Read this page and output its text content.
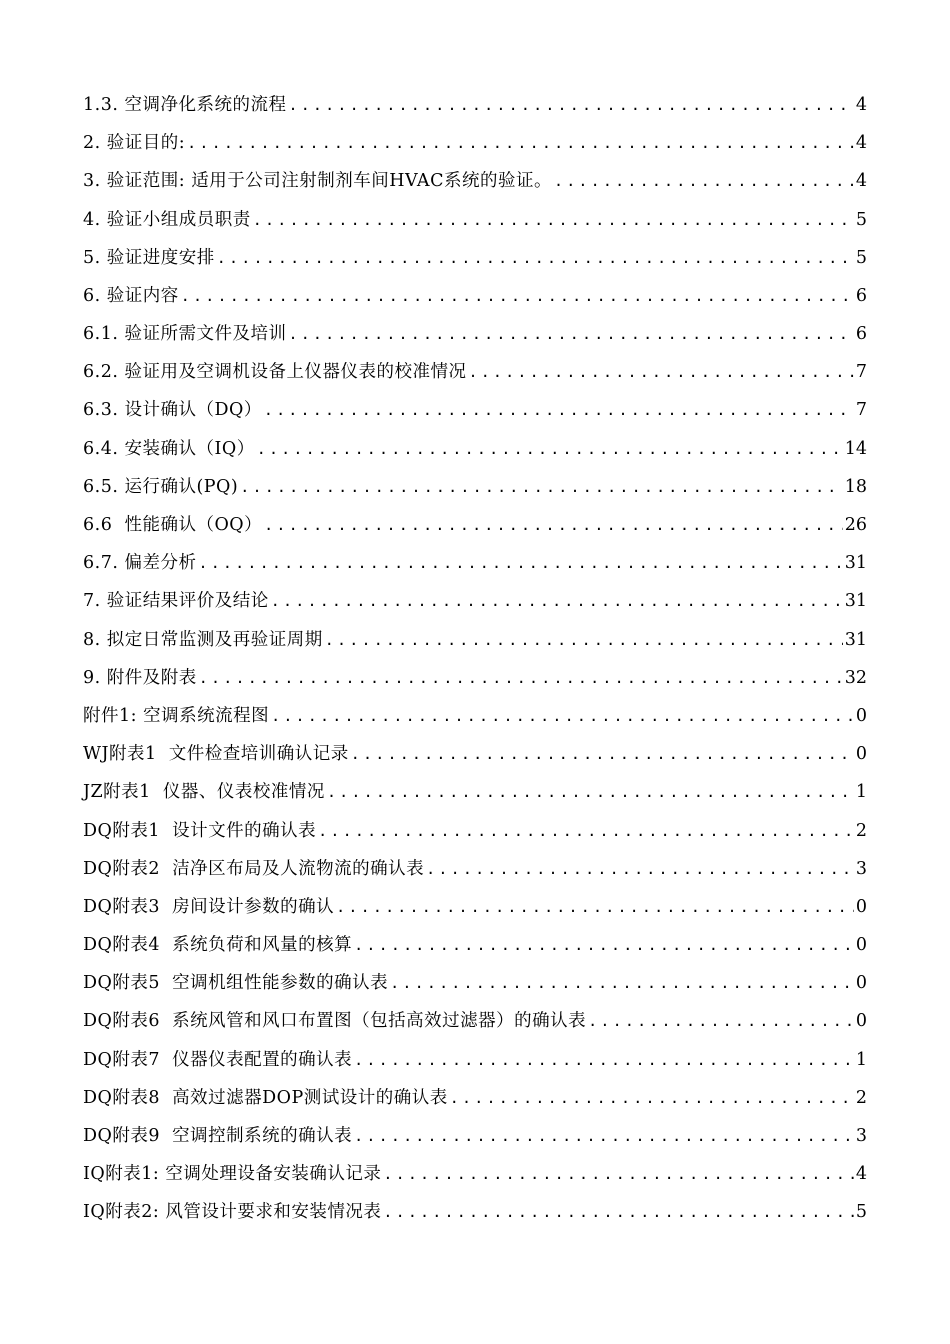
1.3. 空调净化系统的流程 .....	4
2. 验证目的: .....	4
3. 验证范围: 适用于公司注射制剂车间HVAC系统的验证。 .....	4
4. 验证小组成员职责 .....	5
5. 验证进度安排 .....	5
6. 验证内容 .....	6
6.1. 验证所需文件及培训 .....	6
6.2. 验证用及空调机设备上仪器仪表的校准情况 .....	7
6.3. 设计确认（DQ） .....	7
6.4. 安装确认（IQ） .....	14
6.5. 运行确认(PQ) .....	18
6.6  性能确认（OQ） .....	26
6.7. 偏差分析 .....	31
7. 验证结果评价及结论 .....	31
8. 拟定日常监测及再验证周期 .....	31
9. 附件及附表 .....	32
附件1: 空调系统流程图 .....	0
WJ附表1  文件检查培训确认记录 .....	0
JZ附表1  仪器、仪表校准情况 .....	1
DQ附表1  设计文件的确认表 .....	2
DQ附表2  洁净区布局及人流物流的确认表 .....	3
DQ附表3  房间设计参数的确认 .....	0
DQ附表4  系统负荷和风量的核算 .....	0
DQ附表5  空调机组性能参数的确认表 .....	0
DQ附表6  系统风管和风口布置图（包括高效过滤器）的确认表 .....	0
DQ附表7  仪器仪表配置的确认表 .....	1
DQ附表8  高效过滤器DOP测试设计的确认表 .....	2
DQ附表9  空调控制系统的确认表 .....	3
IQ附表1: 空调处理设备安装确认记录 .....	4
IQ附表2: 风管设计要求和安装情况表 .....	5
